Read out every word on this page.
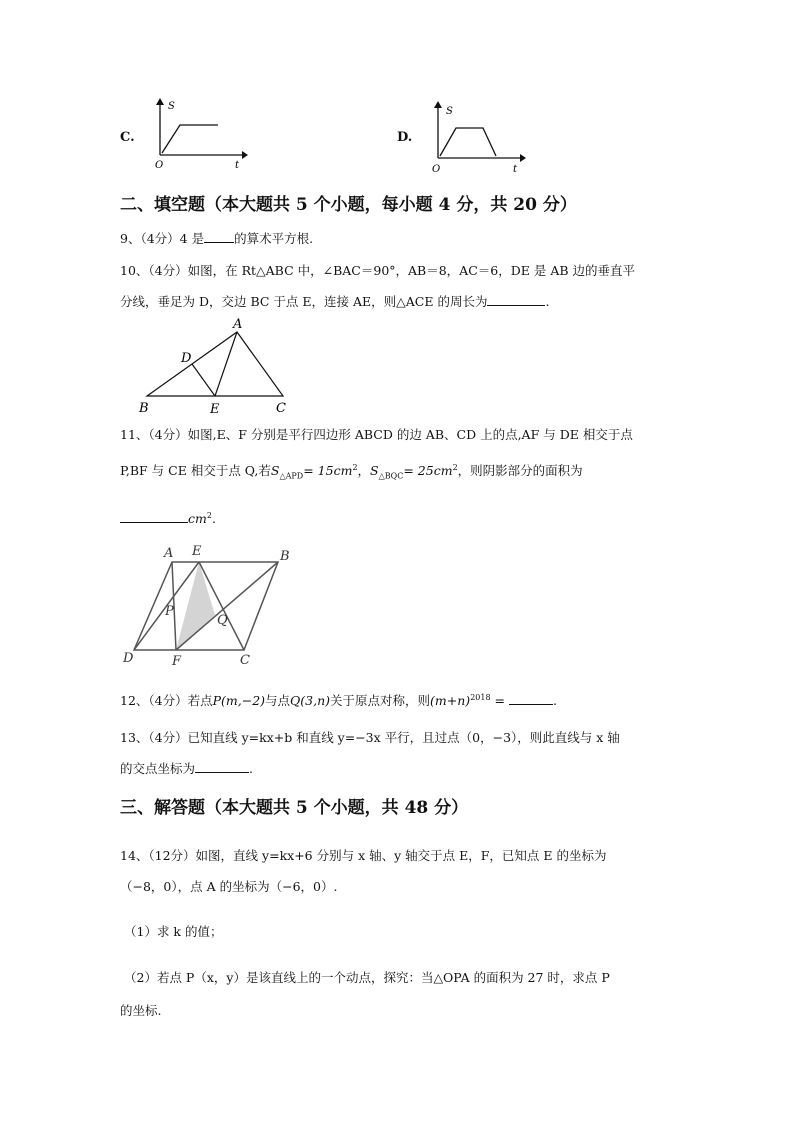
C.
S
O	t
D.
S
O	t
二、填空题（本大题共 5 个小题，每小题 4 分，共 20 分）
9、（4分）4 是 的算术平方根.
10、（4分）如图，在 Rt△ABC 中，∠BAC＝90°，AB＝8，AC＝6，DE 是 AB 边的垂直平
分线，垂足为 D，交边 BC 于点 E，连接 AE，则△ACE 的周长为	.
A
D
B	E	C
11、（4分）如图,E、F 分别是平行四边形 ABCD 的边 AB、CD 上的点,AF 与 DE 相交于点
P,BF 与 CE 相交于点 Q,若$S_{\triangle APD}= 15cm^2$，$S_{\triangle BQC}= 25cm^2$，则阴影部分的面积为
$cm^2$.
A E	B
P
Q
D	F	C
12、（4分）若点P(m,−2)与点Q(3,n)关于原点对称，则$(m+n)^{2018}$ =	.
13、（4分）已知直线 y=kx+b 和直线 y=−3x 平行，且过点（0，−3），则此直线与 x 轴
的交点坐标为	.
三、解答题（本大题共 5 个小题，共 48 分）
14、（12分）如图，直线 y=kx+6 分别与 x 轴、y 轴交于点 E，F，已知点 E 的坐标为
（−8，0），点 A 的坐标为（−6，0）.
（1）求 k 的值；
（2）若点 P（x，y）是该直线上的一个动点，探究：当△OPA 的面积为 27 时，求点 P
的坐标.
